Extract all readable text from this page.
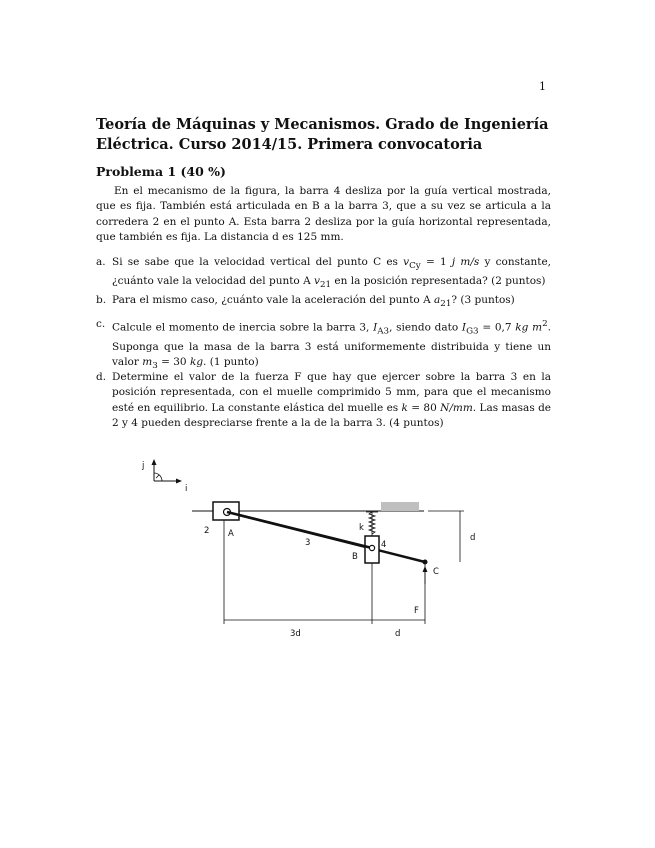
1
Teoría de Máquinas y Mecanismos. Grado de Ingeniería Eléctrica. Curso 2014/15. Primera convocatoria
Problema 1 (40 %)

En el mecanismo de la figura, la barra 4 desliza por la guía vertical mostrada, que es fija. También está articulada en B a la barra 3, que a su vez se articula a la corredera 2 en el punto A. Esta barra 2 desliza por la guía horizontal representada, que también es fija. La distancia d es 125 mm.

a. Si se sabe que la velocidad vertical del punto C es $v_{Cy} = 1$ j m/s y constante, ¿cuánto vale la velocidad del punto A $v_{21}$ en la posición representada? (2 puntos)
b. Para el mismo caso, ¿cuánto vale la aceleración del punto A $a_{21}$? (3 puntos)
c. Calcule el momento de inercia sobre la barra 3, $I_{A3}$, siendo dato $I_{G3} = 0,7$ kg $m^2$. Suponga que la masa de la barra 3 está uniformemente distribuida y tiene un valor $m_3 = 30$ kg. (1 punto)
d. Determine el valor de la fuerza F que hay que ejercer sobre la barra 3 en la posición representada, con el muelle comprimido 5 mm, para que el mecanismo esté en equilibrio. La constante elástica del muelle es k = 80 N/mm. Las masas de 2 y 4 pueden despreciarse frente a la de la barra 3. (4 puntos)
j
i
k
2 A
3
B
4
C
F
d
3d	d
